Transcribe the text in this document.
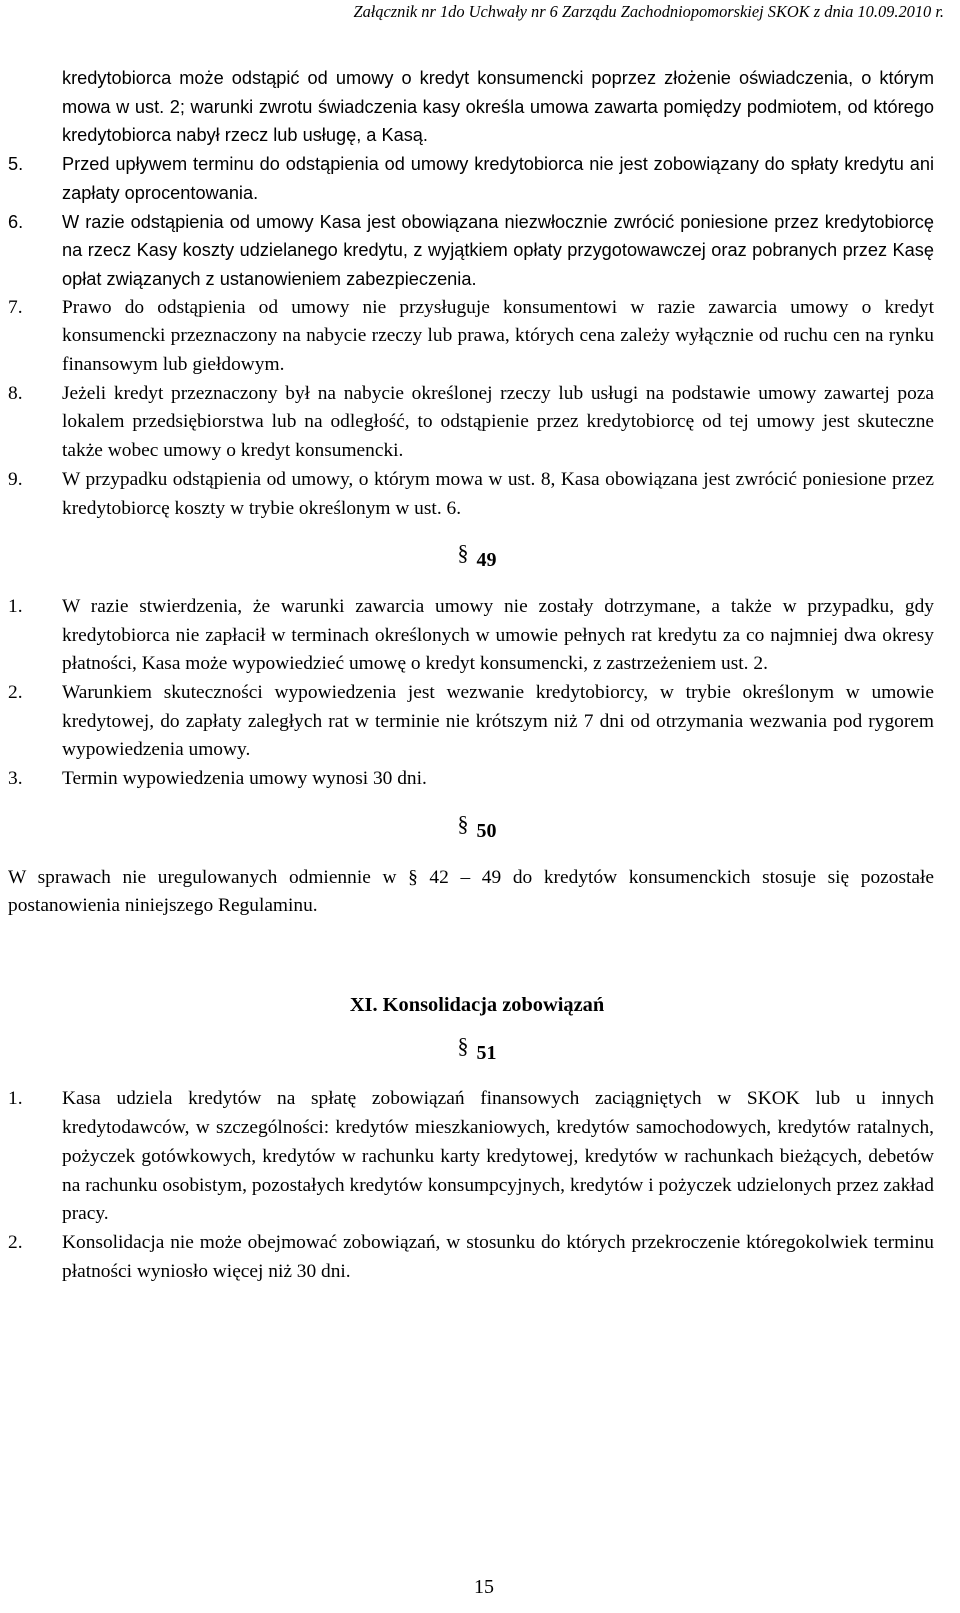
Załącznik nr 1do Uchwały nr 6 Zarządu Zachodniopomorskiej SKOK z dnia 10.09.2010 r.
kredytobiorca może odstąpić od umowy o kredyt konsumencki poprzez złożenie oświadczenia, o którym mowa w ust. 2; warunki zwrotu świadczenia kasy określa umowa zawarta pomiędzy podmiotem, od którego kredytobiorca nabył rzecz lub usługę, a Kasą.
5.	Przed upływem terminu do odstąpienia od umowy kredytobiorca nie jest zobowiązany do spłaty kredytu ani zapłaty oprocentowania.
6.	W razie odstąpienia od umowy Kasa jest obowiązana niezwłocznie zwrócić poniesione przez kredytobiorcę na rzecz Kasy koszty udzielanego kredytu, z wyjątkiem opłaty przygotowawczej oraz pobranych przez Kasę opłat związanych z ustanowieniem zabezpieczenia.
7.	Prawo do odstąpienia od umowy nie przysługuje konsumentowi w razie zawarcia umowy o kredyt konsumencki przeznaczony na nabycie rzeczy lub prawa, których cena zależy wyłącznie od ruchu cen na rynku finansowym lub giełdowym.
8.	Jeżeli kredyt przeznaczony był na nabycie określonej rzeczy lub usługi na podstawie umowy zawartej poza lokalem przedsiębiorstwa lub na odległość, to odstąpienie przez kredytobiorcę od tej umowy jest skuteczne także wobec umowy o kredyt konsumencki.
9.	W przypadku odstąpienia od umowy, o którym mowa w ust. 8, Kasa obowiązana jest zwrócić poniesione przez kredytobiorcę koszty w trybie określonym w ust. 6.
§ 49
1.	W razie stwierdzenia, że warunki zawarcia umowy nie zostały dotrzymane, a także w przypadku, gdy kredytobiorca nie zapłacił w terminach określonych w umowie pełnych rat kredytu za co najmniej dwa okresy płatności, Kasa może wypowiedzieć umowę o kredyt konsumencki, z zastrzeżeniem ust. 2.
2.	Warunkiem skuteczności wypowiedzenia jest wezwanie kredytobiorcy, w trybie określonym w umowie kredytowej, do zapłaty zaległych rat w terminie nie krótszym niż 7 dni od otrzymania wezwania pod rygorem wypowiedzenia umowy.
3.	Termin wypowiedzenia umowy wynosi 30 dni.
§ 50
W sprawach nie uregulowanych odmiennie w § 42 – 49 do kredytów konsumenckich stosuje się pozostałe postanowienia niniejszego Regulaminu.
XI. Konsolidacja zobowiązań
§ 51
1.	Kasa udziela kredytów na spłatę zobowiązań finansowych zaciągniętych w SKOK lub u innych kredytodawców, w szczególności: kredytów mieszkaniowych, kredytów samochodowych, kredytów ratalnych, pożyczek gotówkowych, kredytów w rachunku karty kredytowej, kredytów w rachunkach bieżących, debetów na rachunku osobistym, pozostałych kredytów konsumpcyjnych, kredytów i pożyczek udzielonych przez zakład pracy.
2.	Konsolidacja nie może obejmować zobowiązań, w stosunku do których przekroczenie któregokolwiek terminu płatności wyniosło więcej niż 30 dni.
15
